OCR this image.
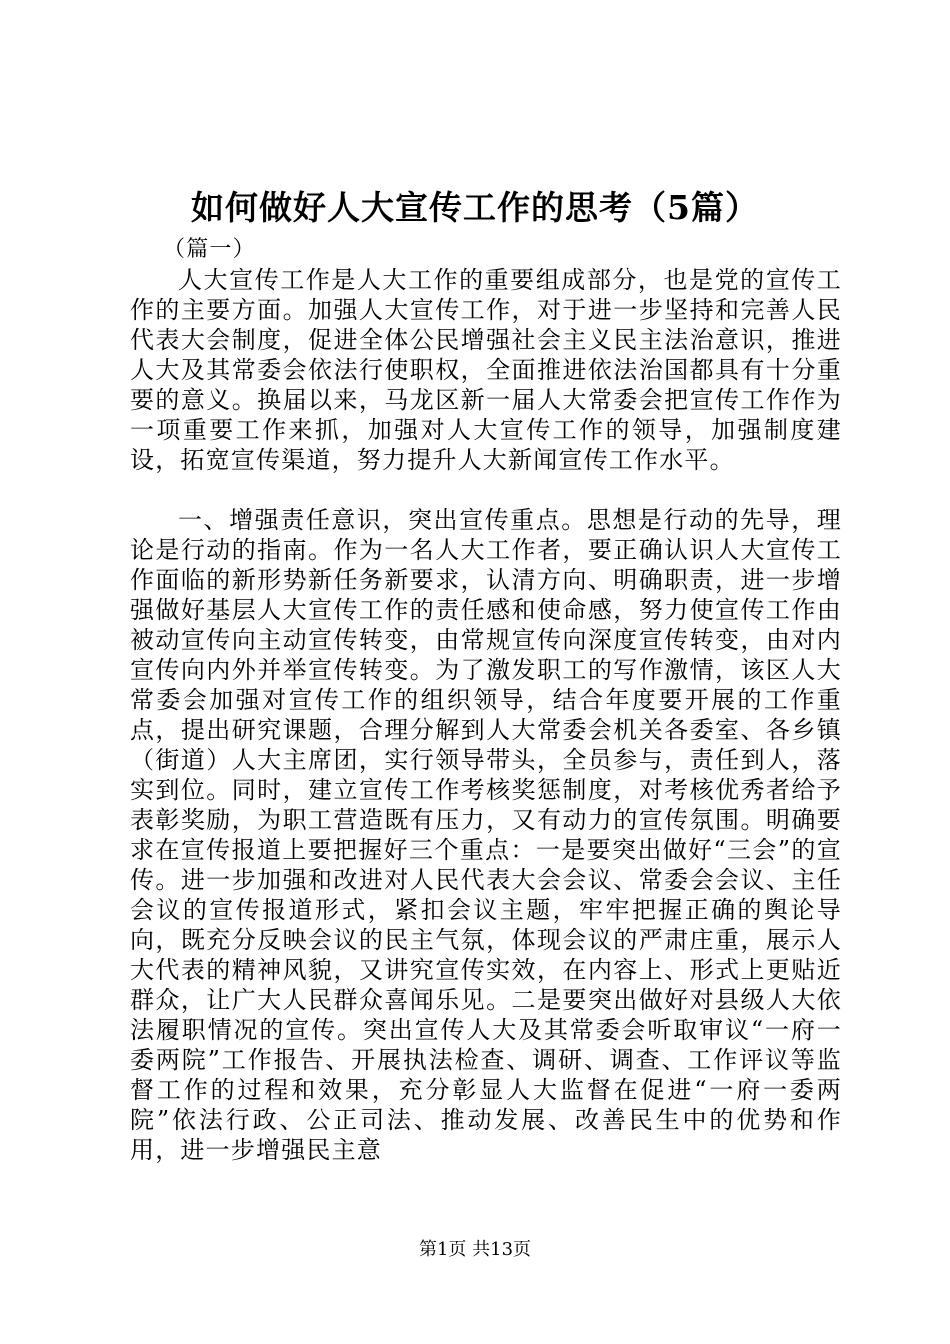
如何做好人大宣传工作的思考（5篇）

（篇一）

人大宣传工作是人大工作的重要组成部分，也是党的宣传工作的主要方面。加强人大宣传工作，对于进一步坚持和完善人民代表大会制度，促进全体公民增强社会主义民主法治意识，推进人大及其常委会依法行使职权，全面推进依法治国都具有十分重要的意义。换届以来，马龙区新一届人大常委会把宣传工作作为一项重要工作来抓，加强对人大宣传工作的领导，加强制度建设，拓宽宣传渠道，努力提升人大新闻宣传工作水平。

一、增强责任意识，突出宣传重点。思想是行动的先导，理论是行动的指南。作为一名人大工作者，要正确认识人大宣传工作面临的新形势新任务新要求，认清方向、明确职责，进一步增强做好基层人大宣传工作的责任感和使命感，努力使宣传工作由被动宣传向主动宣传转变，由常规宣传向深度宣传转变，由对内宣传向内外并举宣传转变。为了激发职工的写作激情，该区人大常委会加强对宣传工作的组织领导，结合年度要开展的工作重点，提出研究课题，合理分解到人大常委会机关各委室、各乡镇（街道）人大主席团，实行领导带头，全员参与，责任到人，落实到位。同时，建立宣传工作考核奖惩制度，对考核优秀者给予表彰奖励，为职工营造既有压力，又有动力的宣传氛围。明确要求在宣传报道上要把握好三个重点：一是要突出做好“三会”的宣传。进一步加强和改进对人民代表大会会议、常委会会议、主任会议的宣传报道形式，紧扣会议主题，牢牢把握正确的舆论导向，既充分反映会议的民主气氛，体现会议的严肃庄重，展示人大代表的精神风貌，又讲究宣传实效，在内容上、形式上更贴近群众，让广大人民群众喜闻乐见。二是要突出做好对县级人大依法履职情况的宣传。突出宣传人大及其常委会听取审议“一府一委两院”工作报告、开展执法检查、调研、调查、工作评议等监督工作的过程和效果，充分彰显人大监督在促进“一府一委两院”依法行政、公正司法、推动发展、改善民生中的优势和作用，进一步增强民主意

第1页 共13页
